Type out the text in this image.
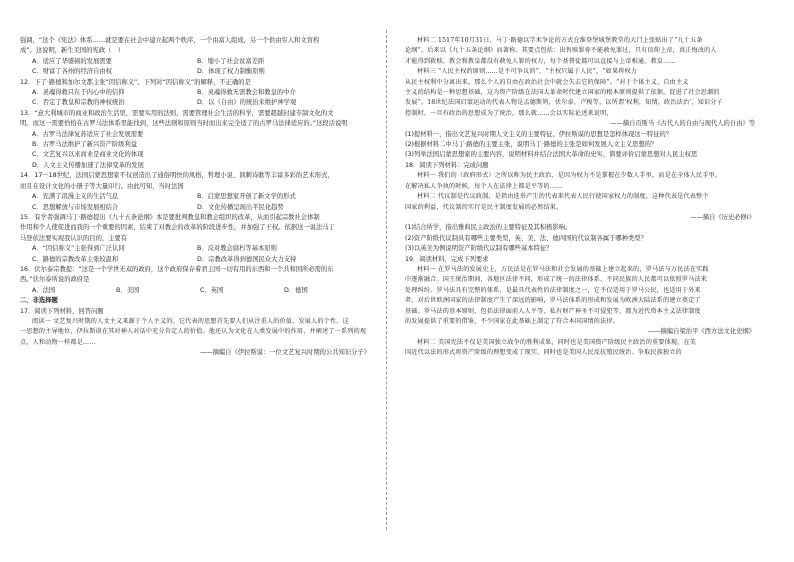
强调，“这个《宪法》体系……就是要在社会中建立起两个秩序，一个由富人组成，另一个供由穷人和文盲构
成”。这说明，新生美国的宪政（　）
A．适应了华盛顿的发展需要	B．缩小了社会贫富差距
C．财富了各州的经济自由权	D．体现了权力制衡原则
12．下了·路德和加尔文都主张“因信称义”。下列对“因信称义”的解释，不正确的是
A．灵魂得救只在于内心中的信仰	B．灵魂得救无需教会和教皇的中介
C．否定了教皇和宗教的神权统治	D．以《自由》的统治来维护神学观
13．“意大利城市的商业和政治生活里，需要实用的法则，需要管理社会生活的科学，需要超越封建专制文化的文
明。而这一需要恰恰在古罗马法体系里能找到，这些法则和原则当时而出来完全适了的古罗马法律适应的。”这段话说明
A．古罗马法律复苏适应了社会发展需要
B．古罗马法维护了新兴资产阶级利益
C．文艺复兴以来商业是商业文化的体现
D．人文主义传播加速了法律变革的发展
14．17－18世纪，法国启蒙思想家不仅创造出了通俗明快的风格，哲理小说、讽刺诗歌等丰富多彩的艺术形式，
而且在设计文化的小册子等大量印行。由此可知，当时法国
A．充满了浪漫主义的生活气息	B．启蒙思想家开创了新文学的形式
C．思想解放与市场发展相结合	D．文化传播呈现出平民化趋势
15．有学者强调马丁·路德提出《九十五条论纲》本是要批判教皇和教会组织的改革，从而引起宗教社会体制
作用和个人使促进而我的一个重要的因素，结束了对教会的改革的阶段进步性，并加强了王权。依据这一说法马丁
马登依法要实现我认识的目的，主要有
A．“因信称义”主张得到广泛认同	B．反对教会腐朽等基本原则
C．路德的宗教改革主张较温和	D．宗教改革得到德国民众大力支持
16．伏尔泰宗教提：“这是一个学世无双的政府，这个政府保存着君主国一切有用的东西和一个共和国所必需的东
西。”伏尔泰所说的政府是
A．法国	B．美国	C．英国	D．德国
二、非选择题
17．阅读下列材料，回答问题
阅读一 文艺复兴时期的人文主义来源于个人主义的。它代表的思想首先要人们从注重人的价值、发展人的个性。这
一思想的主导地位，伊拉斯谟在其对神人对话中充分肯定人的价值。他还认为文化在人类发展中的作用，并阐述了一系列的观
点，人和动物一样都是……
——摘编自《伊拉斯谟：一位文艺复兴时期的公共知识分子》
材料二 1517年10月31日，马丁·路德以学术争论的方式在维登堡城堡教堂的大门上张贴出了“九十五条
论纲”，后来以《九十五条论纲》而著称。其要点包括：出售赎罪券不能赦免罪过，只有信仰上帝，真正悔改的人
才能得到救赎，教会和教皇都没有赦免人罪的权力，每个基督徒都可以直接与上帝相通，教皇……
材料三 “人民主权的原则……是不可争议的”，“主权只属于人民”，“如果将权力
从民主权利中分离出来，那么个人的自由在政治社会中就会失去它的保障”。“对于个体主义、自由主义
主义的结构是一种思想基础，这为资产阶级在法国大革命时代建立国家的根本原则提供了依据，促进了社会思潮的
发展”。18世纪法国启蒙运动的代表人物是孟德斯鸠，伏尔泰，卢梭等。以所谓‘权利，知情，政治法治’，知识分子
控制时，一旦有政治的思想成为了统治，那么就……会以实际论述来说明，
——摘自贡斯当《古代人的自由与现代人的自由》等
(1)提材料一，指出文艺复兴时期人文主义的主要特征。伊拉斯谟的思想是怎样体现这一特征的？
(2)根据材料二中马丁·路德的主要主张，说明马丁·路德的主张是如何发展人文主义思想的？
(3)列举法国启蒙思想家的主要内容，说明材料并结合法国大革命的史实，简要评价启蒙思想对人民主权思
18．阅读下列材料：完成问题
材料一 我们的（政府形式）之所以称为民主政治，是因为权力不是掌握在少数人手里，而是在全体人民手里。
在解决私人争执的时候，每个人在法律上都是平等的……
材料二 代议制是代议政制，是指由选举产生的代表来代表人民行使国家权力的制度，这种代表是代表整个
国家的利益，代议制的实行是民主制度发展的必然结果。
——摘自《历史必修Ⅰ》
(1)结合所学，指出雅典民主政治的主要特征及其积极影响。
(2)资产阶级代议制具有哪些主要类型，英、美、法、德四国的代议制各属于哪种类型？
(3)以英美为例说明资产阶级代议制有哪些基本特征？
19．阅读材料，完成下列要求
材料一 在罗马法的发展史上，万民法是在罗马法和社会发展的基础上建立起来的，罗马法与万民法在实践
中逐渐融合。国王统治期间，各地区法律不同，形成了统一的法律体系，不同民族的人民都可以依照罗马法来
处理纠纷。罗马法具有完整的体系，是最具代表性的法律制度之一，它不仅适用于罗马公民，也适用于外来
者，对后世欧洲国家的法律制度产生了深远的影响，罗马法体系的形成和发展为欧洲大陆法系的建立奠定了
基础。罗马法的基本原则，包括法律面前人人平等、私有财产神圣不可侵犯等，都为近代资本主义法律制度
的发展提供了重要的借鉴，不少国家在此基础上制定了符合本国国情的法律。
——摘编自梁治平《西方法文化史纲》
材料二 美国宪法不仅是美国独立战争的胜利成果，同时也是美国资产阶级民主政治的重要体现。在美
国近代以法的形式将资产阶级的理想变成了现实，同时也是美国人民反抗殖民统治、争取民族独立的
